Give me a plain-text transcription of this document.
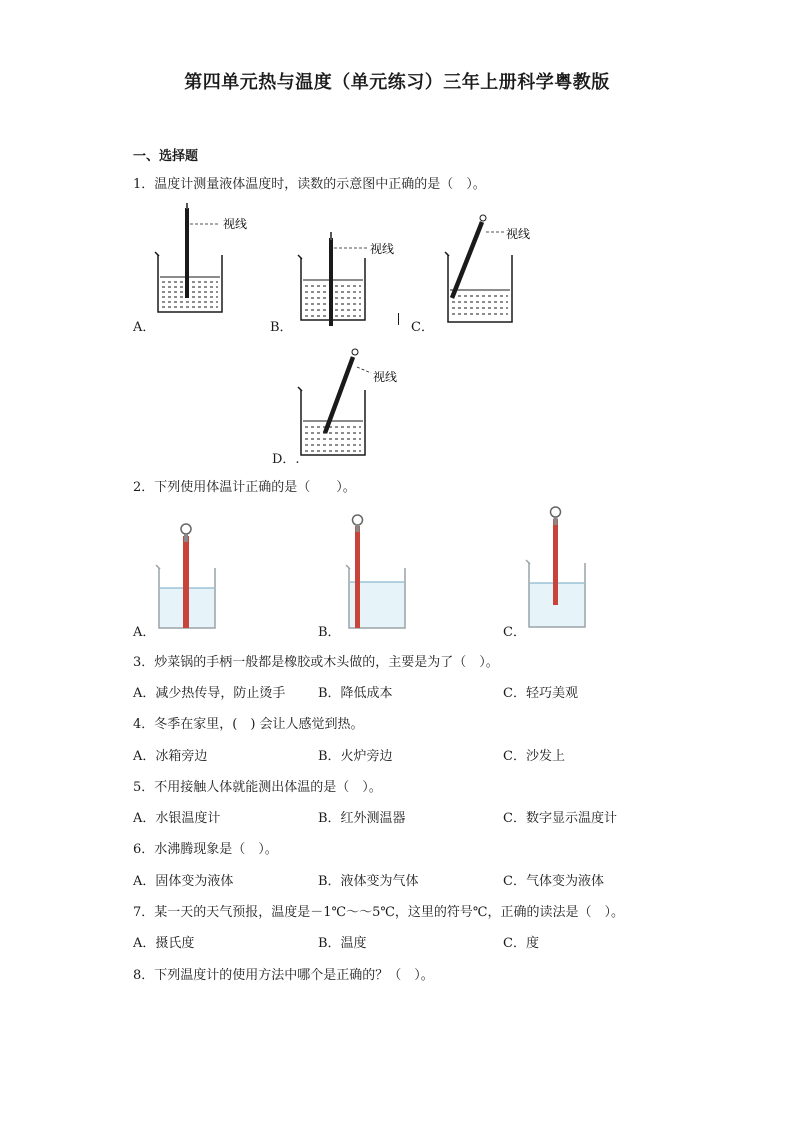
第四单元热与温度（单元练习）三年上册科学粤教版
一、选择题
1．温度计测量液体温度时，读数的示意图中正确的是（　）。
视线
A．
视线
B．
视线
C．
视线
D．.
2．下列使用体温计正确的是（　　）。
A．	B．	C．
3．炒菜锅的手柄一般都是橡胶或木头做的，主要是为了（　）。
A．减少热传导，防止烫手	B．降低成本	C．轻巧美观
4．冬季在家里，(　) 会让人感觉到热。
A．冰箱旁边	B．火炉旁边	C．沙发上
5．不用接触人体就能测出体温的是（　）。
A．水银温度计	B．红外测温器	C．数字显示温度计
6．水沸腾现象是（　）。
A．固体变为液体	B．液体变为气体	C．气体变为液体
7．某一天的天气预报，温度是－1℃～～5℃，这里的符号℃，正确的读法是（　）。
A．摄氏度	B．温度	C．度
8．下列温度计的使用方法中哪个是正确的？（　）。
